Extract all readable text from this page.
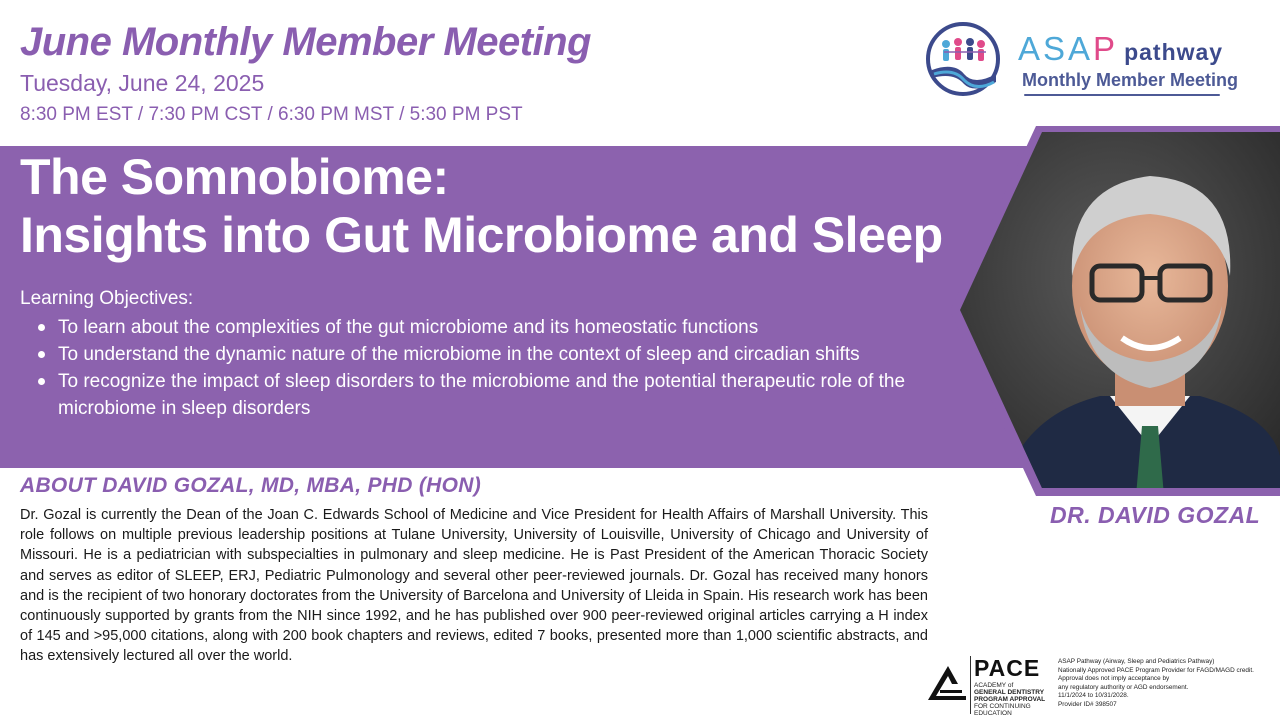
June Monthly Member Meeting
Tuesday, June 24, 2025
8:30 PM EST / 7:30 PM CST / 6:30 PM MST / 5:30 PM PST
ASAP pathway
Monthly Member Meeting
The Somnobiome:
Insights into Gut Microbiome and Sleep
Learning Objectives:
To learn about the complexities of the gut microbiome and its homeostatic functions
To understand the dynamic nature of the microbiome in the context of sleep and circadian shifts
To recognize the impact of sleep disorders to the microbiome and the potential therapeutic role of the microbiome in sleep disorders
DR. DAVID GOZAL
ABOUT DAVID GOZAL, MD, MBA, PHD (HON)

Dr. Gozal is currently the Dean of the Joan C. Edwards School of Medicine and Vice President for Health Affairs of Marshall University. This role follows on multiple previous leadership positions at Tulane University, University of Louisville, University of Chicago and University of Missouri. He is a pediatrician with subspecialties in pulmonary and sleep medicine. He is Past President of the American Thoracic Society and serves as editor of SLEEP, ERJ, Pediatric Pulmonology and several other peer-reviewed journals. Dr. Gozal has received many honors and is the recipient of two honorary doctorates from the University of Barcelona and University of Lleida in Spain. His research work has been continuously supported by grants from the NIH since 1992, and he has published over 900 peer-reviewed original articles carrying a H index of 145 and >95,000 citations, along with 200 book chapters and reviews, edited 7 books, presented more than 1,000 scientific abstracts, and has extensively lectured all over the world.	PACE
ACADEMY of
GENERAL DENTISTRY
PROGRAM APPROVAL
FOR CONTINUING
EDUCATION
ASAP Pathway (Airway, Sleep and Pediatrics Pathway)
Nationally Approved PACE Program Provider for FAGD/MAGD credit.
Approval does not imply acceptance by
any regulatory authority or AGD endorsement.
11/1/2024 to 10/31/2028.
Provider ID# 398507
